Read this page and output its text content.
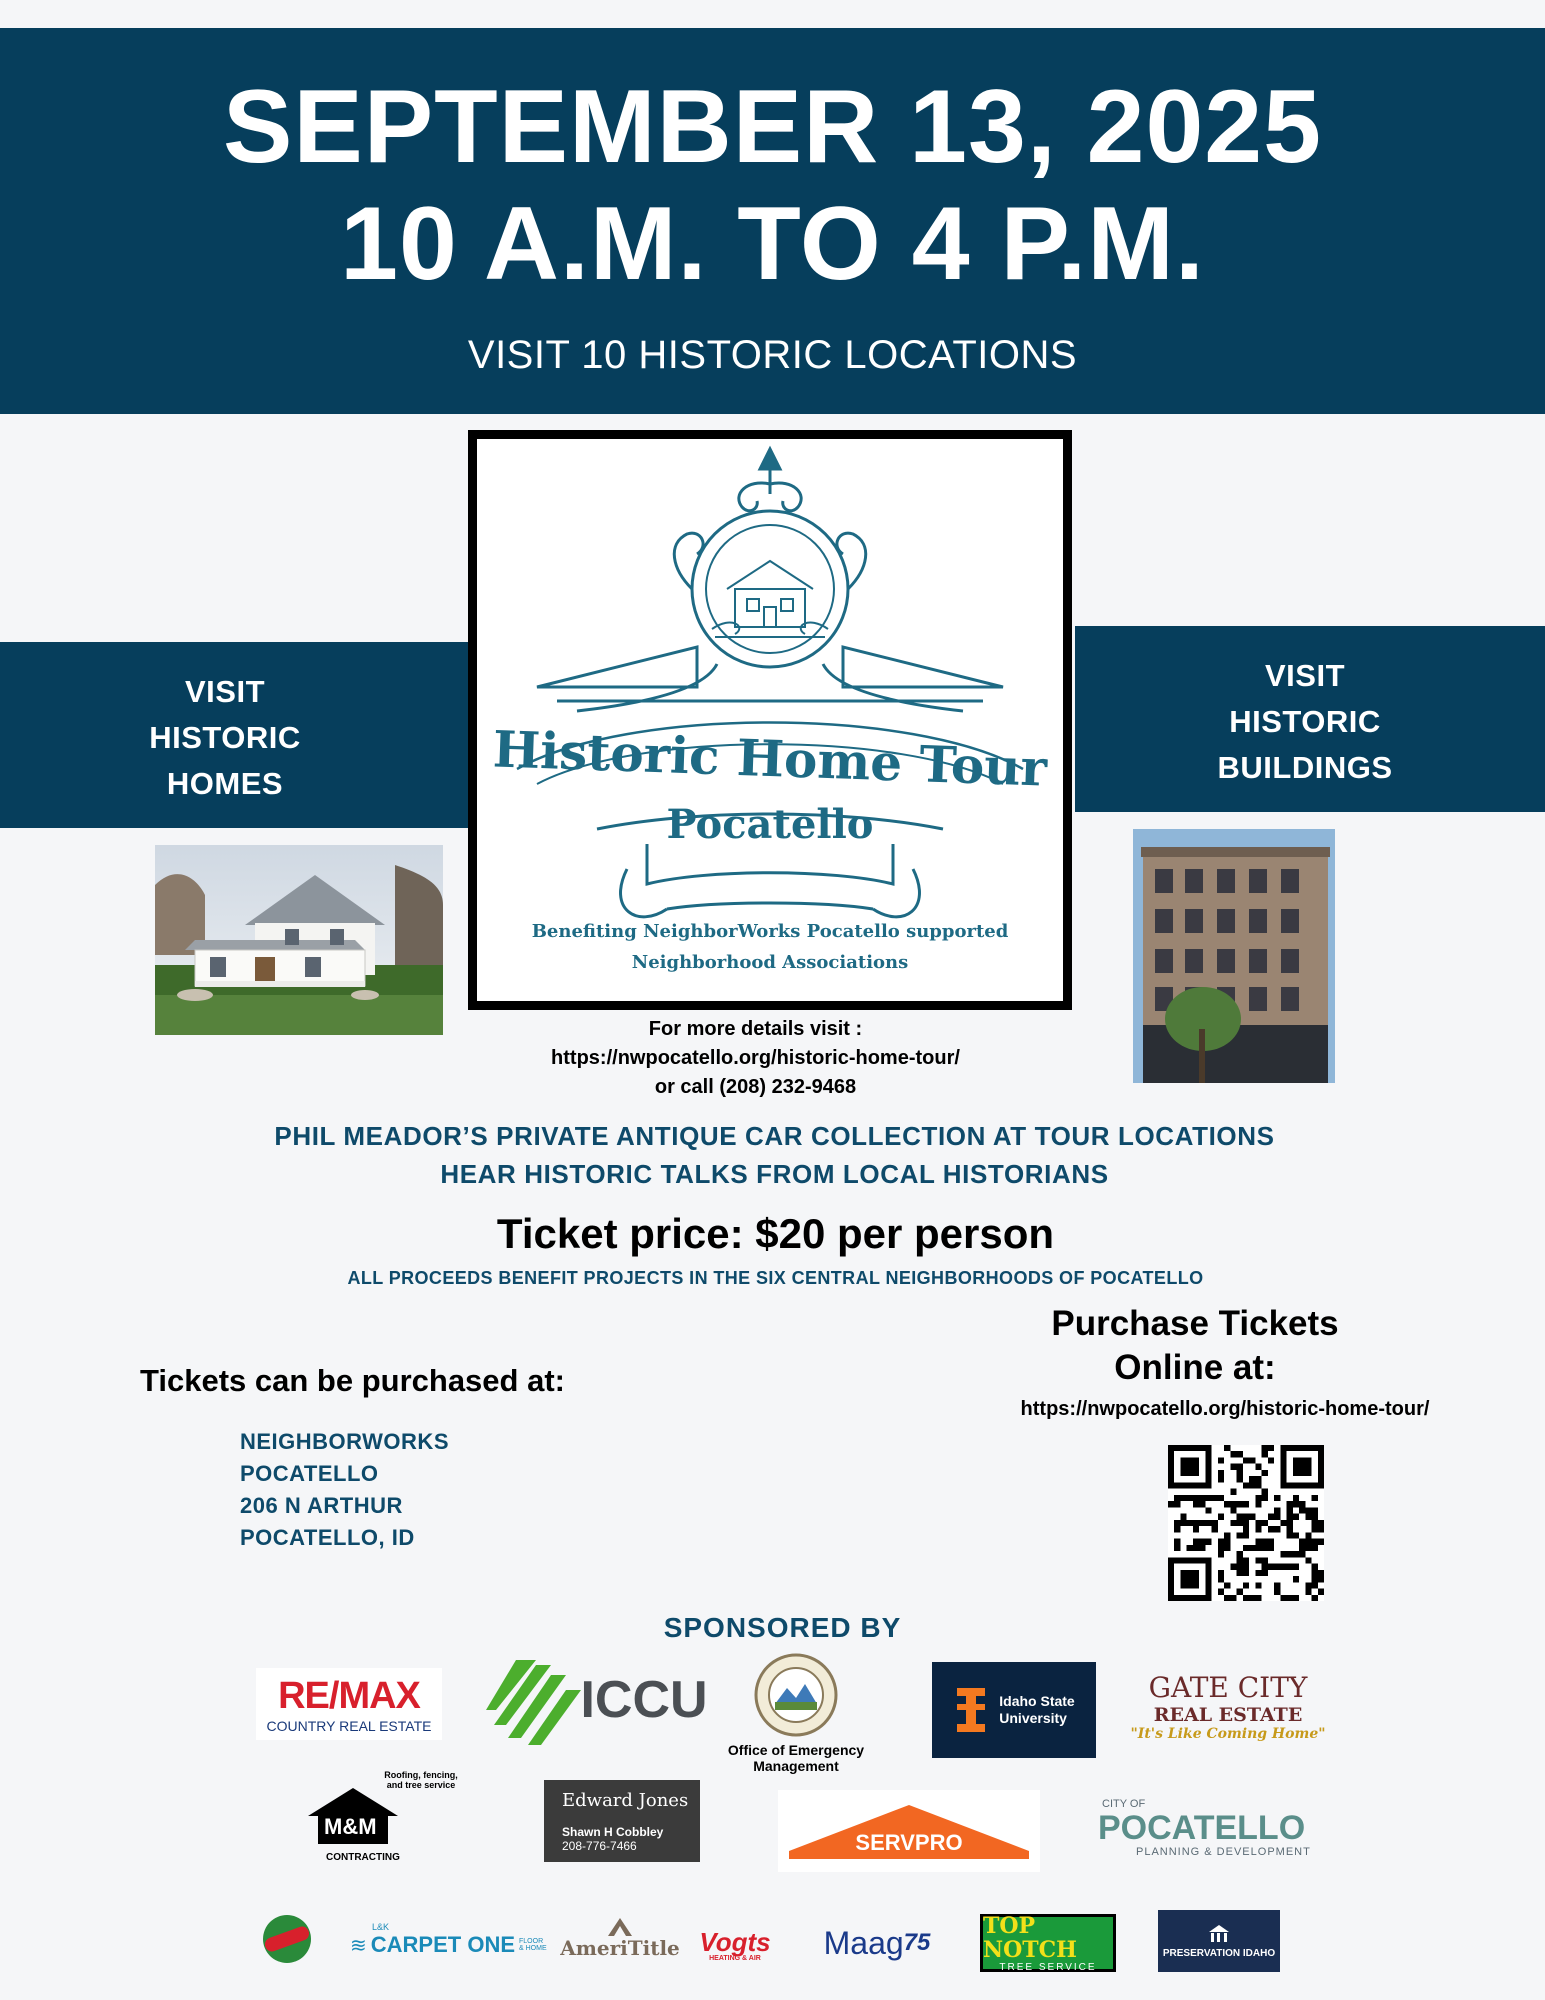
SEPTEMBER 13, 2025
10 A.M. TO 4 P.M.
VISIT 10 HISTORIC LOCATIONS
VISIT
HISTORIC
HOMES
VISIT
HISTORIC
BUILDINGS
Historic Home Tour
Pocatello
Benefiting NeighborWorks Pocatello supported
Neighborhood Associations
For more details visit :
https://nwpocatello.org/historic-home-tour/
or call (208) 232-9468
PHIL MEADOR’S PRIVATE ANTIQUE CAR COLLECTION AT TOUR LOCATIONS
HEAR HISTORIC TALKS FROM LOCAL HISTORIANS
Ticket price: $20 per person
ALL PROCEEDS BENEFIT PROJECTS IN THE SIX CENTRAL NEIGHBORHOODS OF POCATELLO
Tickets can be purchased at:
NEIGHBORWORKS
POCATELLO
206 N ARTHUR
POCATELLO, ID
Purchase Tickets
Online at:
https://nwpocatello.org/historic-home-tour/
SPONSORED BY
RE/MAX
COUNTRY REAL ESTATE	ICCU
Office of Emergency
Management
Idaho State
University
GATE CITY
REAL ESTATE
"It's Like Coming Home"
Roofing, fencing, and tree service
M&M
CONTRACTING
Edward Jones
Shawn H Cobbley
208-776-7466	SERVPRO
CITY OF
POCATELLO
PLANNING & DEVELOPMENT
L&K
≋ CARPET ONE FLOOR & HOME AmeriTitle Vogts
HEATING & AIR Maag 75
TOP NOTCH
TREE SERVICE
PRESERVATION IDAHO
